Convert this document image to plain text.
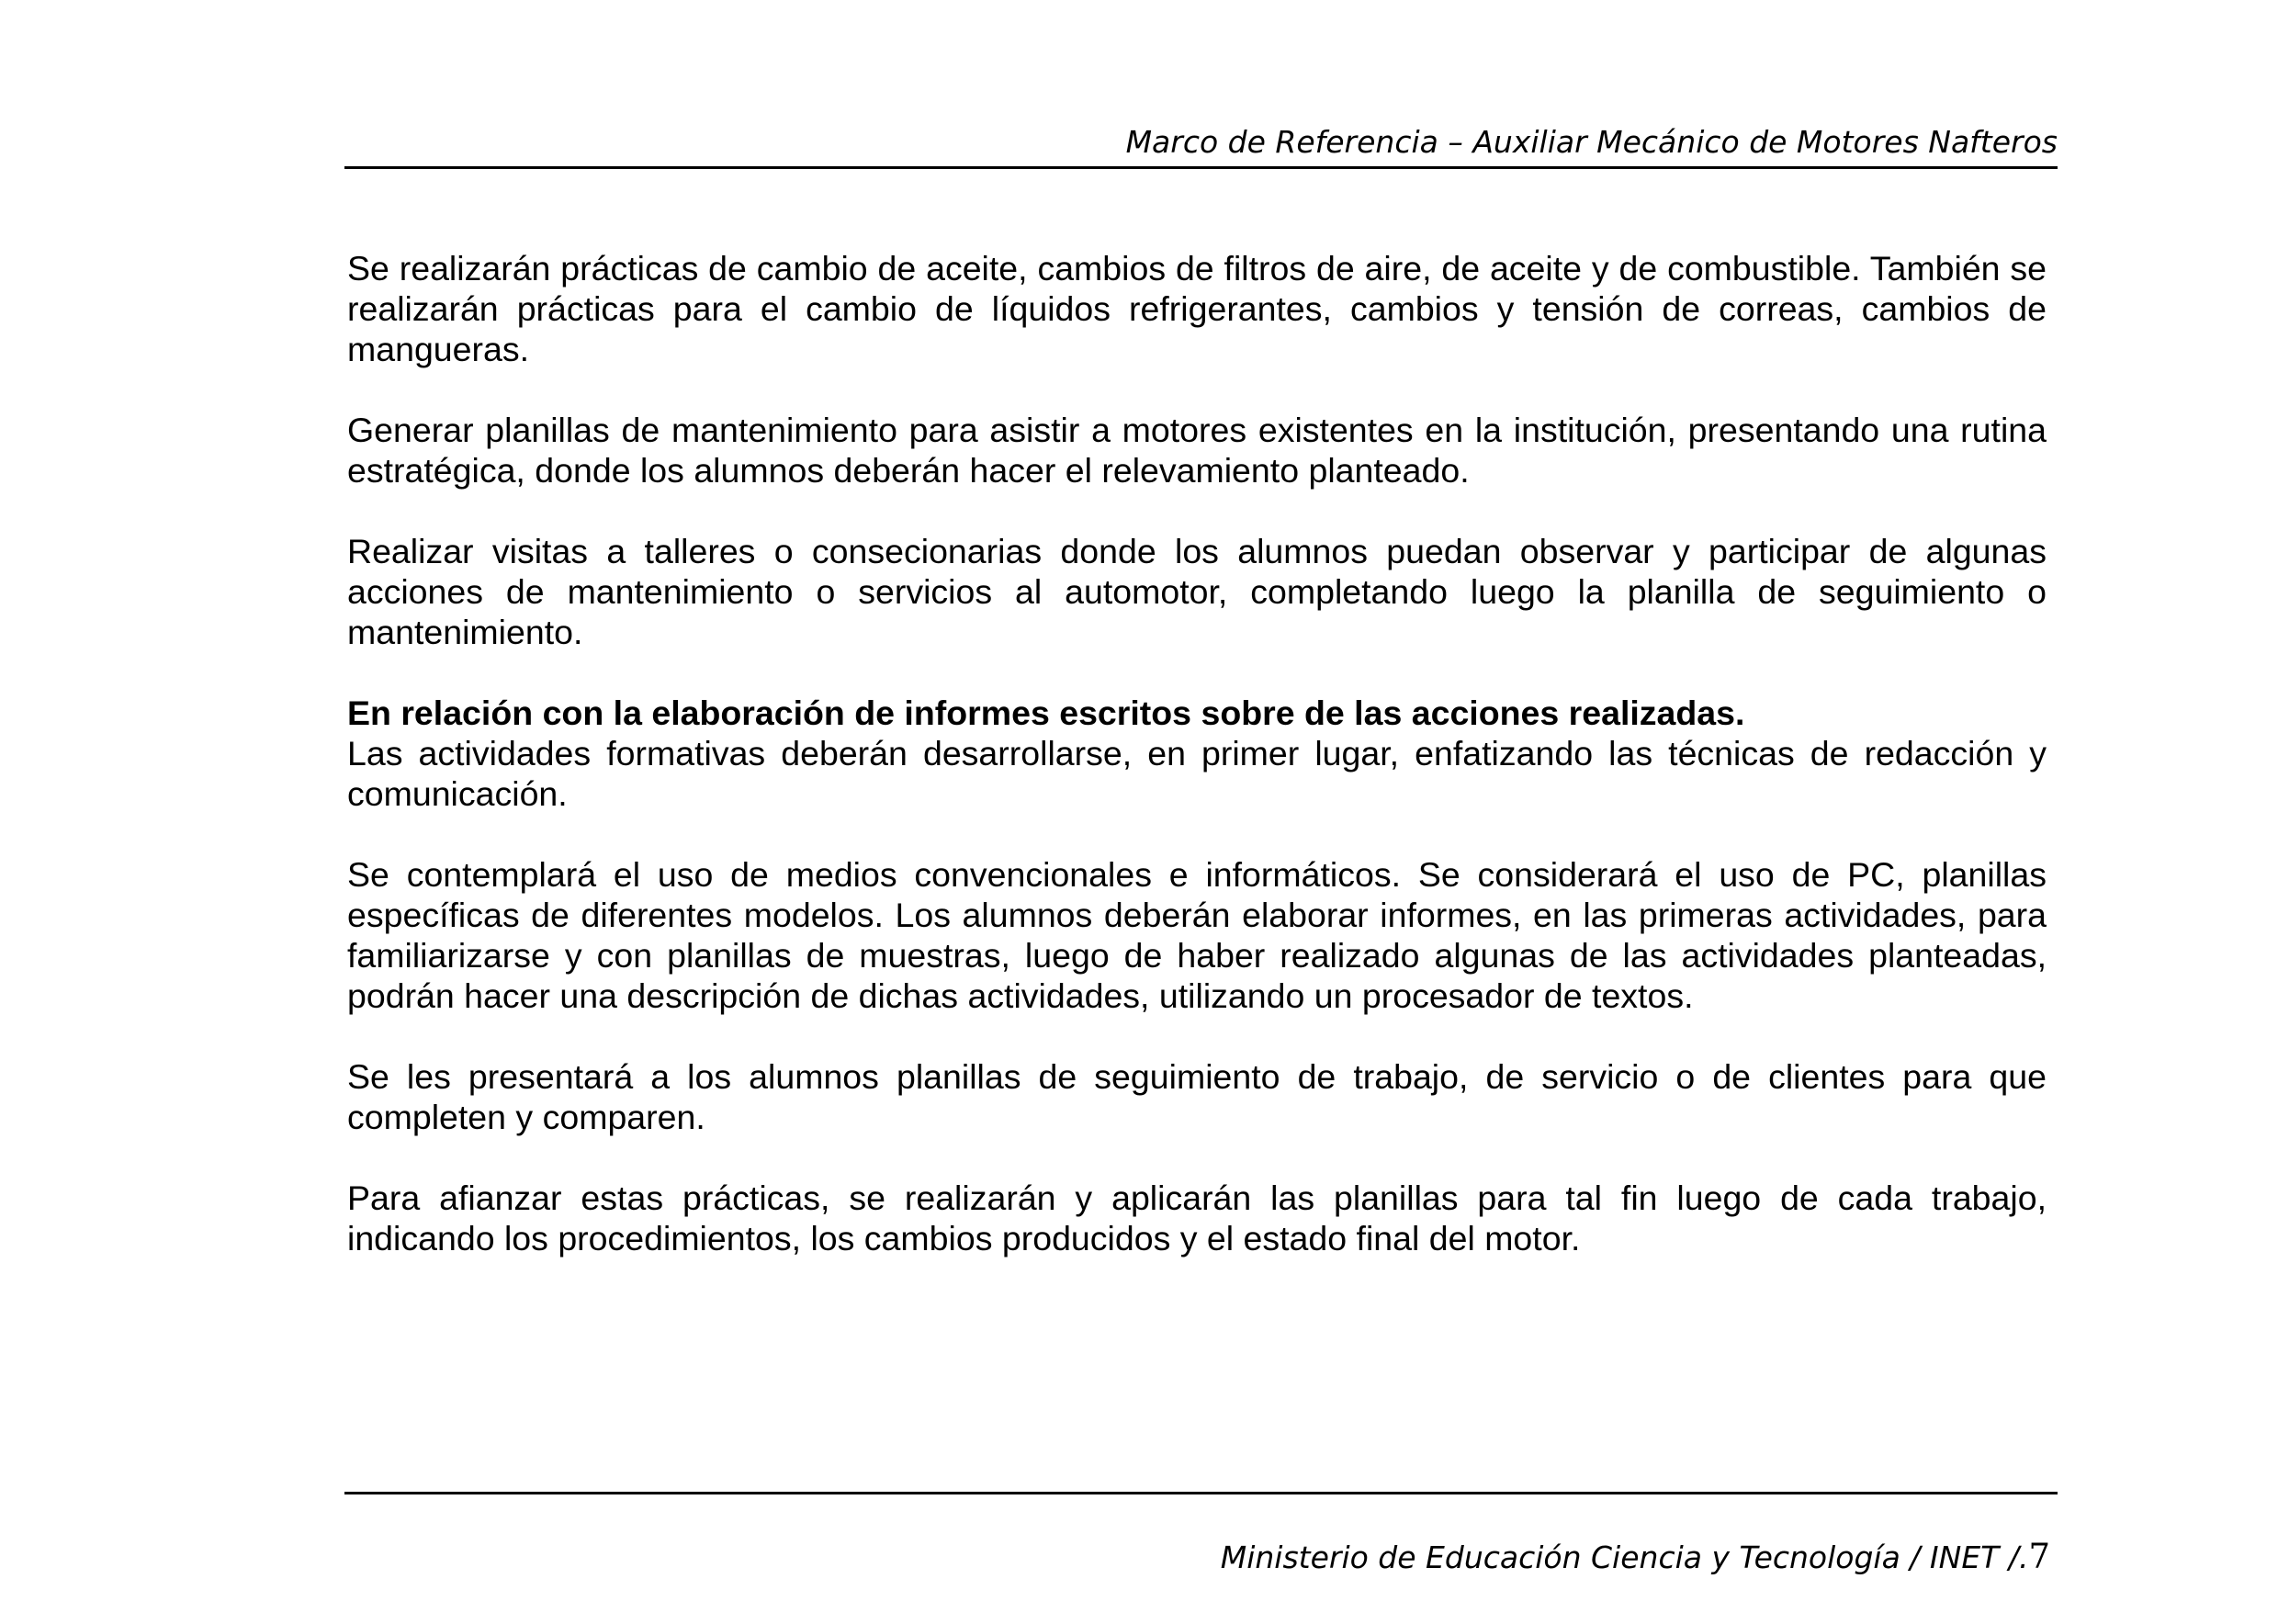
Marco de Referencia – Auxiliar Mecánico de Motores Nafteros

Se realizarán prácticas de cambio de aceite, cambios de filtros de aire, de aceite y de combustible. También se realizarán prácticas para el cambio de líquidos refrigerantes, cambios y tensión de correas, cambios de mangueras.

Generar planillas de mantenimiento para asistir a motores existentes en la institución, presentando una rutina estratégica, donde los alumnos deberán hacer el relevamiento planteado.

Realizar visitas a talleres o consecionarias donde los alumnos puedan observar y participar de algunas acciones de mantenimiento o servicios al automotor, completando luego la planilla de seguimiento o mantenimiento.

En relación con la elaboración de informes escritos sobre de las acciones realizadas.

Las actividades formativas deberán desarrollarse, en primer lugar, enfatizando las técnicas de redacción y comunicación.

Se contemplará el uso de medios convencionales e informáticos. Se considerará el uso de PC, planillas específicas de diferentes modelos. Los alumnos deberán elaborar informes, en las primeras actividades, para familiarizarse y con planillas de muestras, luego de haber realizado algunas de las actividades planteadas, podrán hacer una descripción de dichas actividades, utilizando un procesador de textos.

Se les presentará a los alumnos planillas de seguimiento de trabajo, de servicio o de clientes para que completen y comparen.

Para afianzar estas prácticas, se realizarán y aplicarán las planillas para tal fin luego de cada trabajo, indicando los procedimientos, los cambios producidos y el estado final del motor.

Ministerio de Educación Ciencia y Tecnología / INET /.7
